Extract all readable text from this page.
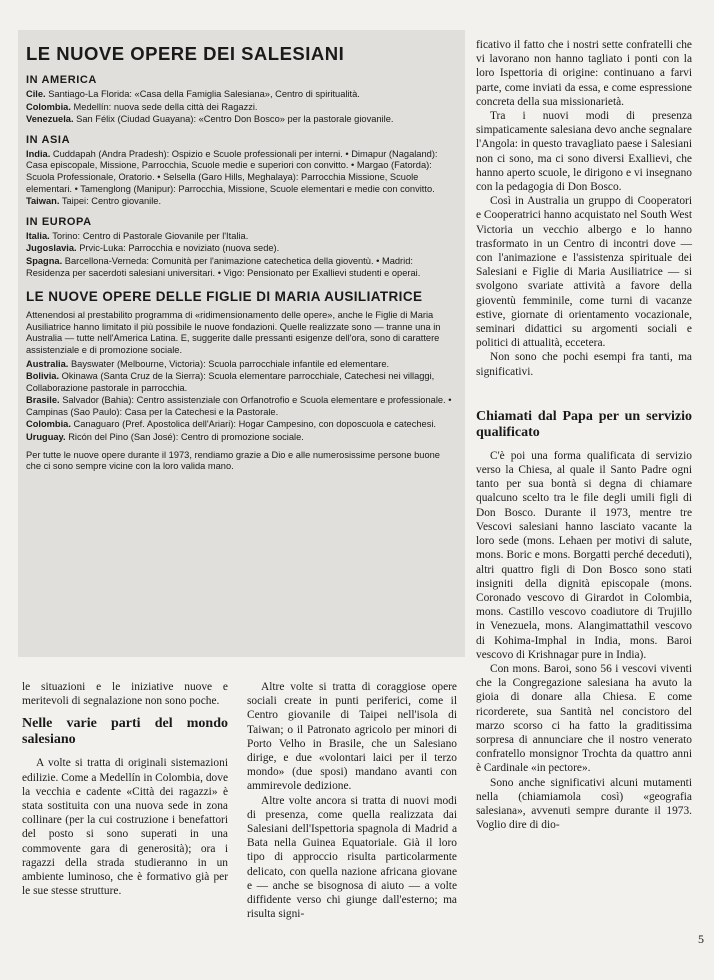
LE NUOVE OPERE DEI SALESIANI
IN AMERICA
Cile. Santiago-La Florida: «Casa della Famiglia Salesiana», Centro di spiritualità.
Colombia. Medellín: nuova sede della città dei Ragazzi.
Venezuela. San Félix (Ciudad Guayana): «Centro Don Bosco» per la pastorale giovanile.
IN ASIA
India. Cuddapah (Andra Pradesh): Ospizio e Scuole professionali per interni. • Dimapur (Nagaland): Casa episcopale, Missione, Parrocchia, Scuole medie e superiori con convitto. • Margao (Fatorda): Scuola Professionale, Oratorio. • Selsella (Garo Hills, Meghalaya): Parrocchia Missione, Scuole elementari. • Tamenglong (Manipur): Parrocchia, Missione, Scuole elementari e medie con convitto.
Taiwan. Taipei: Centro giovanile.
IN EUROPA
Italia. Torino: Centro di Pastorale Giovanile per l'Italia.
Jugoslavia. Prvic-Luka: Parrocchia e noviziato (nuova sede).
Spagna. Barcellona-Verneda: Comunità per l'animazione catechetica della gioventù. • Madrid: Residenza per sacerdoti salesiani universitari. • Vigo: Pensionato per Exallievi studenti e operai.
LE NUOVE OPERE DELLE FIGLIE DI MARIA AUSILIATRICE
Attenendosi al prestabilito programma di «ridimensionamento delle opere», anche le Figlie di Maria Ausiliatrice hanno limitato il più possibile le nuove fondazioni. Quelle realizzate sono — tranne una in Australia — tutte nell'America Latina. E, suggerite dalle pressanti esigenze dell'ora, sono di carattere assistenziale e di promozione sociale.
Australia. Bayswater (Melbourne, Victoria): Scuola parrocchiale infantile ed elementare.
Bolivia. Okinawa (Santa Cruz de la Sierra): Scuola elementare parrocchiale, Catechesi nei villaggi, Collaborazione pastorale in parrocchia.
Brasile. Salvador (Bahia): Centro assistenziale con Orfanotrofio e Scuola elementare e professionale. • Campinas (Sao Paulo): Casa per la Catechesi e la Pastorale.
Colombia. Canaguaro (Pref. Apostolica dell'Ariari): Hogar Campesino, con doposcuola e catechesi.
Uruguay. Ricón del Pino (San José): Centro di promozione sociale.
Per tutte le nuove opere durante il 1973, rendiamo grazie a Dio e alle numerosissime persone buone che ci sono sempre vicine con la loro valida mano.

le situazioni e le iniziative nuove e meritevoli di segnalazione non sono poche.

Nelle varie parti del mondo salesiano

A volte si tratta di originali sistemazioni edilizie. Come a Medellín in Colombia, dove la vecchia e cadente «Città dei ragazzi» è stata sostituita con una nuova sede in zona collinare (per la cui costruzione i benefattori del posto si sono superati in una commovente gara di generosità); ora i ragazzi della strada studieranno in un ambiente luminoso, che è formativo già per le sue stesse strutture.

Altre volte si tratta di coraggiose opere sociali create in punti periferici, come il Centro giovanile di Taipei nell'isola di Taiwan; o il Patronato agricolo per minori di Porto Velho in Brasile, che un Salesiano dirige, e due «volontari laici per il terzo mondo» (due sposi) mandano avanti con ammirevole dedizione.

Altre volte ancora si tratta di nuovi modi di presenza, come quella realizzata dai Salesiani dell'Ispettoria spagnola di Madrid a Bata nella Guinea Equatoriale. Già il loro tipo di approccio risulta particolarmente delicato, con quella nazione africana giovane e — anche se bisognosa di aiuto — a volte diffidente verso chi giunge dall'esterno; ma risulta signi-

ficativo il fatto che i nostri sette confratelli che vi lavorano non hanno tagliato i ponti con la loro Ispettoria di origine: continuano a farvi parte, come inviati da essa, e come espressione concreta della sua missionarietà.

Tra i nuovi modi di presenza simpaticamente salesiana devo anche segnalare l'Angola: in questo travagliato paese i Salesiani non ci sono, ma ci sono diversi Exallievi, che hanno aperto scuole, le dirigono e vi insegnano con la pedagogia di Don Bosco.

Così in Australia un gruppo di Cooperatori e Cooperatrici hanno acquistato nel South West Victoria un vecchio albergo e lo hanno trasformato in un Centro di incontri dove — con l'animazione e l'assistenza spirituale dei Salesiani e Figlie di Maria Ausiliatrice — si svolgono svariate attività a favore della gioventù femminile, come turni di vacanze estive, giornate di orientamento vocazionale, seminari didattici su argomenti sociali e politici di attualità, eccetera.

Non sono che pochi esempi fra tanti, ma significativi.

Chiamati dal Papa per un servizio qualificato

C'è poi una forma qualificata di servizio verso la Chiesa, al quale il Santo Padre ogni tanto per sua bontà si degna di chiamare qualcuno scelto tra le file degli umili figli di Don Bosco. Durante il 1973, mentre tre Vescovi salesiani hanno lasciato vacante la loro sede (mons. Lehaen per motivi di salute, mons. Boric e mons. Borgatti perché deceduti), altri quattro figli di Don Bosco sono stati insigniti della dignità episcopale (mons. Coronado vescovo di Girardot in Colombia, mons. Castillo vescovo coadiutore di Trujillo in Venezuela, mons. Alangimattathil vescovo di Kohima-Imphal in India, mons. Baroi vescovo di Krishnagar pure in India).

Con mons. Baroi, sono 56 i vescovi viventi che la Congregazione salesiana ha avuto la gioia di donare alla Chiesa. E come ricorderete, sua Santità nel concistoro del marzo scorso ci ha fatto la graditissima sorpresa di annunciare che il nostro venerato confratello monsignor Trochta da quattro anni è Cardinale «in pectore».

Sono anche significativi alcuni mutamenti nella (chiamiamola così) «geografia salesiana», avvenuti sempre durante il 1973. Voglio dire di dio-

5
